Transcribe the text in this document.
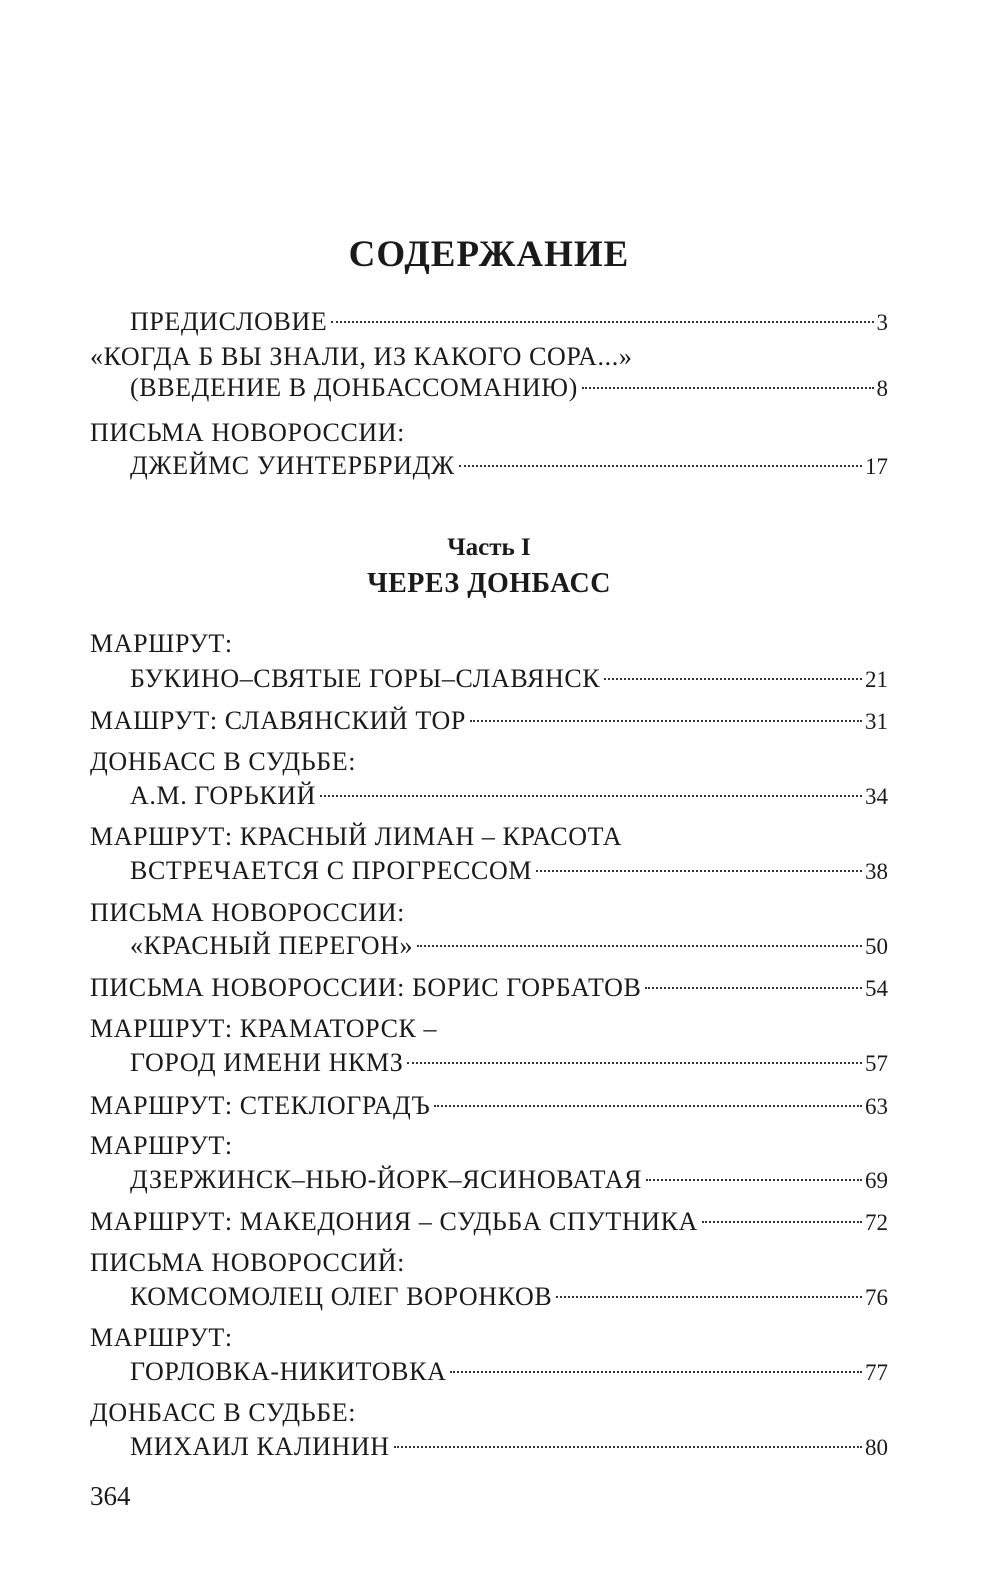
СОДЕРЖАНИЕ
ПРЕДИСЛОВИЕ	3
«КОГДА Б ВЫ ЗНАЛИ, ИЗ КАКОГО СОРА...»
(ВВЕДЕНИЕ В ДОНБАССОМАНИЮ)	8
ПИСЬМА НОВОРОССИИ:
ДЖЕЙМС УИНТЕРБРИДЖ	17
Часть I
ЧЕРЕЗ ДОНБАСС
МАРШРУТ:
БУКИНО–СВЯТЫЕ ГОРЫ–СЛАВЯНСК	21
МАШРУТ: СЛАВЯНСКИЙ ТОР	31
ДОНБАСС В СУДЬБЕ:
А.М. ГОРЬКИЙ	34
МАРШРУТ: КРАСНЫЙ ЛИМАН – КРАСОТА
ВСТРЕЧАЕТСЯ С ПРОГРЕССОМ	38
ПИСЬМА НОВОРОССИИ:
«КРАСНЫЙ ПЕРЕГОН»	50
ПИСЬМА НОВОРОССИИ: БОРИС ГОРБАТОВ	54
МАРШРУТ: КРАМАТОРСК –
ГОРОД ИМЕНИ НКМЗ	57
МАРШРУТ: СТЕКЛОГРАДЪ	63
МАРШРУТ:
ДЗЕРЖИНСК–НЬЮ-ЙОРК–ЯСИНОВАТАЯ	69
МАРШРУТ: МАКЕДОНИЯ – СУДЬБА СПУТНИКА	72
ПИСЬМА НОВОРОССИЙ:
КОМСОМОЛЕЦ ОЛЕГ ВОРОНКОВ	76
МАРШРУТ:
ГОРЛОВКА-НИКИТОВКА	77
ДОНБАСС В СУДЬБЕ:
МИХАИЛ КАЛИНИН	80

364
